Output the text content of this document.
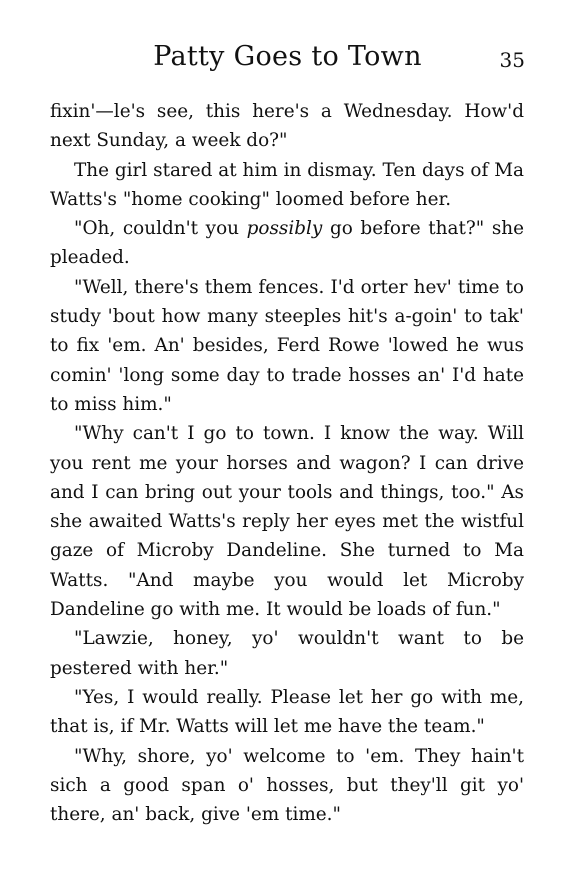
Patty Goes to Town	35

fixin'—le's see, this here's a Wednesday. How'd next Sunday, a week do?"

The girl stared at him in dismay. Ten days of Ma Watts's "home cooking" loomed before her.

"Oh, couldn't you possibly go before that?" she pleaded.

"Well, there's them fences. I'd orter hev' time to study 'bout how many steeples hit's a-goin' to tak' to fix 'em. An' besides, Ferd Rowe 'lowed he wus comin' 'long some day to trade hosses an' I'd hate to miss him."

"Why can't I go to town. I know the way. Will you rent me your horses and wagon? I can drive and I can bring out your tools and things, too." As she awaited Watts's reply her eyes met the wistful gaze of Microby Dandeline. She turned to Ma Watts. "And maybe you would let Microby Dandeline go with me. It would be loads of fun."

"Lawzie, honey, yo' wouldn't want to be pestered with her."

"Yes, I would really. Please let her go with me, that is, if Mr. Watts will let me have the team."

"Why, shore, yo' welcome to 'em. They hain't sich a good span o' hosses, but they'll git yo' there, an' back, give 'em time."
